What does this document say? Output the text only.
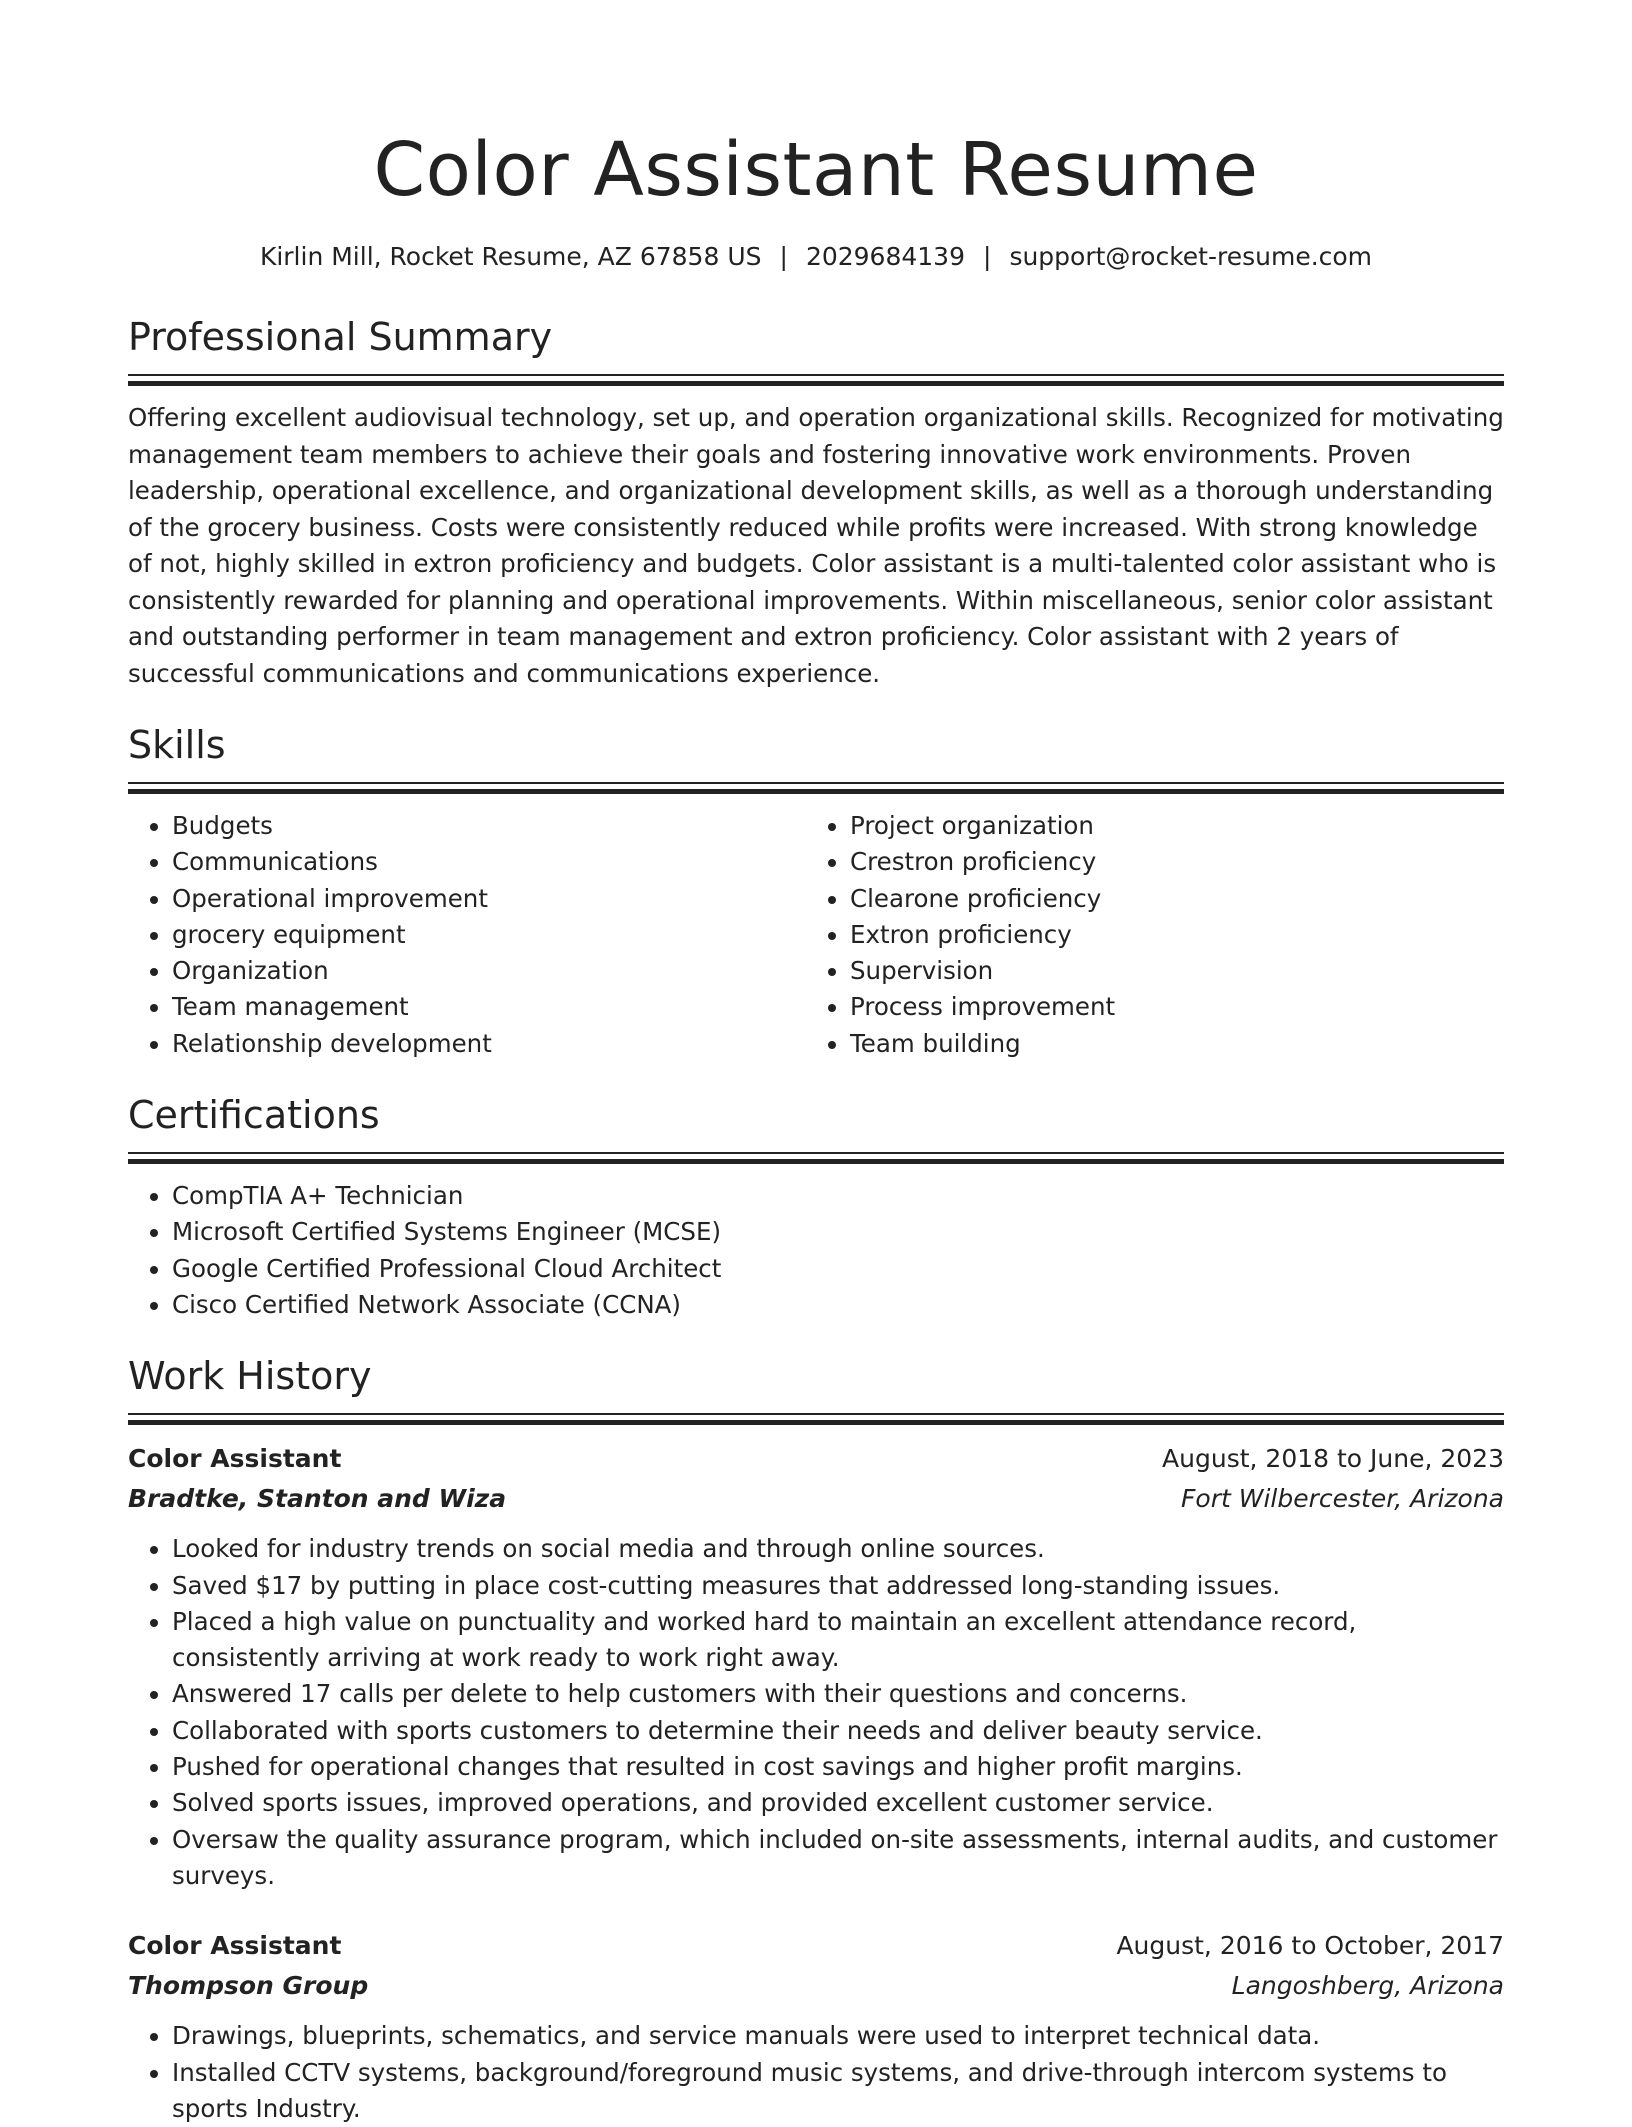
Color Assistant Resume
Kirlin Mill, Rocket Resume, AZ 67858 US | 2029684139 | support@rocket-resume.com
Professional Summary
Offering excellent audiovisual technology, set up, and operation organizational skills. Recognized for motivating management team members to achieve their goals and fostering innovative work environments. Proven leadership, operational excellence, and organizational development skills, as well as a thorough understanding of the grocery business. Costs were consistently reduced while profits were increased. With strong knowledge of not, highly skilled in extron proficiency and budgets. Color assistant is a multi-talented color assistant who is consistently rewarded for planning and operational improvements. Within miscellaneous, senior color assistant and outstanding performer in team management and extron proficiency. Color assistant with 2 years of successful communications and communications experience.
Skills
• Budgets
• Communications
• Operational improvement
• grocery equipment
• Organization
• Team management
• Relationship development
• Project organization
• Crestron proficiency
• Clearone proficiency
• Extron proficiency
• Supervision
• Process improvement
• Team building
Certifications
• CompTIA A+ Technician
• Microsoft Certified Systems Engineer (MCSE)
• Google Certified Professional Cloud Architect
• Cisco Certified Network Associate (CCNA)
Work History
Color Assistant	August, 2018 to June, 2023
Bradtke, Stanton and Wiza	Fort Wilbercester, Arizona
• Looked for industry trends on social media and through online sources.
• Saved $17 by putting in place cost-cutting measures that addressed long-standing issues.
• Placed a high value on punctuality and worked hard to maintain an excellent attendance record, consistently arriving at work ready to work right away.
• Answered 17 calls per delete to help customers with their questions and concerns.
• Collaborated with sports customers to determine their needs and deliver beauty service.
• Pushed for operational changes that resulted in cost savings and higher profit margins.
• Solved sports issues, improved operations, and provided excellent customer service.
• Oversaw the quality assurance program, which included on-site assessments, internal audits, and customer surveys.
Color Assistant	August, 2016 to October, 2017
Thompson Group	Langoshberg, Arizona
• Drawings, blueprints, schematics, and service manuals were used to interpret technical data.
• Installed CCTV systems, background/foreground music systems, and drive-through intercom systems to sports Industry.
